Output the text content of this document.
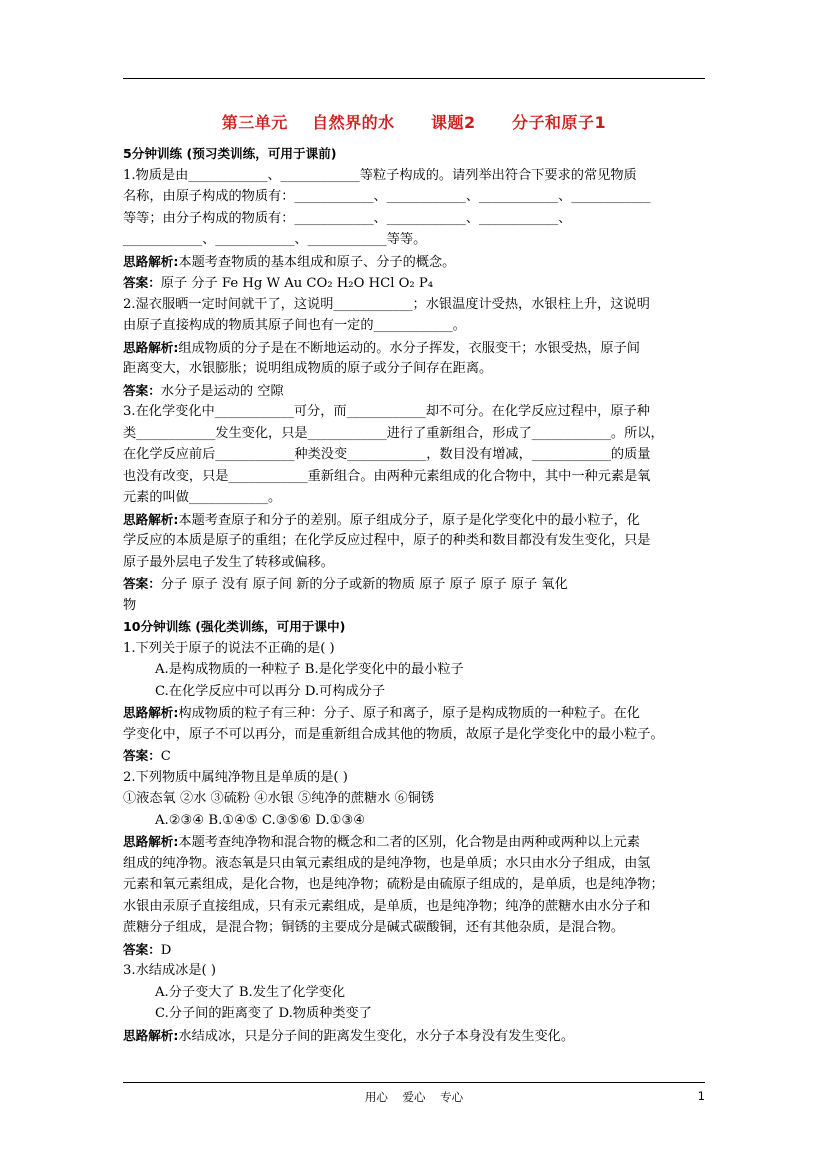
第三单元    自然界的水      课题2      分子和原子1
5分钟训练 (预习类训练，可用于课前)
1.物质是由____________、____________等粒子构成的。请列举出符合下要求的常见物质
名称，由原子构成的物质有：____________、____________、____________、____________
等等；由分子构成的物质有：____________、____________、____________、
____________、____________、____________等等。
思路解析:本题考查物质的基本组成和原子、分子的概念。
答案：原子 分子 Fe Hg W Au CO₂ H₂O HCl O₂ P₄
2.湿衣服晒一定时间就干了，这说明____________；水银温度计受热，水银柱上升，这说明
由原子直接构成的物质其原子间也有一定的____________。
思路解析:组成物质的分子是在不断地运动的。水分子挥发，衣服变干；水银受热，原子间
距离变大，水银膨胀；说明组成物质的原子或分子间存在距离。
答案：水分子是运动的 空隙
3.在化学变化中____________可分，而____________却不可分。在化学反应过程中，原子种
类____________发生变化，只是____________进行了重新组合，形成了____________。所以，
在化学反应前后____________种类没变____________，数目没有增减，____________的质量
也没有改变，只是____________重新组合。由两种元素组成的化合物中，其中一种元素是氧
元素的叫做____________。
思路解析:本题考查原子和分子的差别。原子组成分子，原子是化学变化中的最小粒子，化
学反应的本质是原子的重组；在化学反应过程中，原子的种类和数目都没有发生变化，只是
原子最外层电子发生了转移或偏移。
答案：分子 原子 没有 原子间 新的分子或新的物质 原子 原子 原子 原子 氧化
物
10分钟训练 (强化类训练，可用于课中)
1.下列关于原子的说法不正确的是( )
A.是构成物质的一种粒子 B.是化学变化中的最小粒子
C.在化学反应中可以再分 D.可构成分子
思路解析:构成物质的粒子有三种：分子、原子和离子，原子是构成物质的一种粒子。在化
学变化中，原子不可以再分，而是重新组合成其他的物质，故原子是化学变化中的最小粒子。
答案：C
2.下列物质中属纯净物且是单质的是( )
①液态氧 ②水 ③硫粉 ④水银 ⑤纯净的蔗糖水 ⑥铜锈
A.②③④ B.①④⑤ C.③⑤⑥ D.①③④
思路解析:本题考查纯净物和混合物的概念和二者的区别，化合物是由两种或两种以上元素
组成的纯净物。液态氧是只由氧元素组成的是纯净物，也是单质；水只由水分子组成，由氢
元素和氧元素组成，是化合物，也是纯净物；硫粉是由硫原子组成的，是单质，也是纯净物；
水银由汞原子直接组成，只有汞元素组成，是单质，也是纯净物；纯净的蔗糖水由水分子和
蔗糖分子组成，是混合物；铜锈的主要成分是碱式碳酸铜，还有其他杂质，是混合物。
答案：D
3.水结成冰是( )
A.分子变大了 B.发生了化学变化
C.分子间的距离变了 D.物质种类变了
思路解析:水结成冰，只是分子间的距离发生变化，水分子本身没有发生变化。
用心    爱心    专心	1
